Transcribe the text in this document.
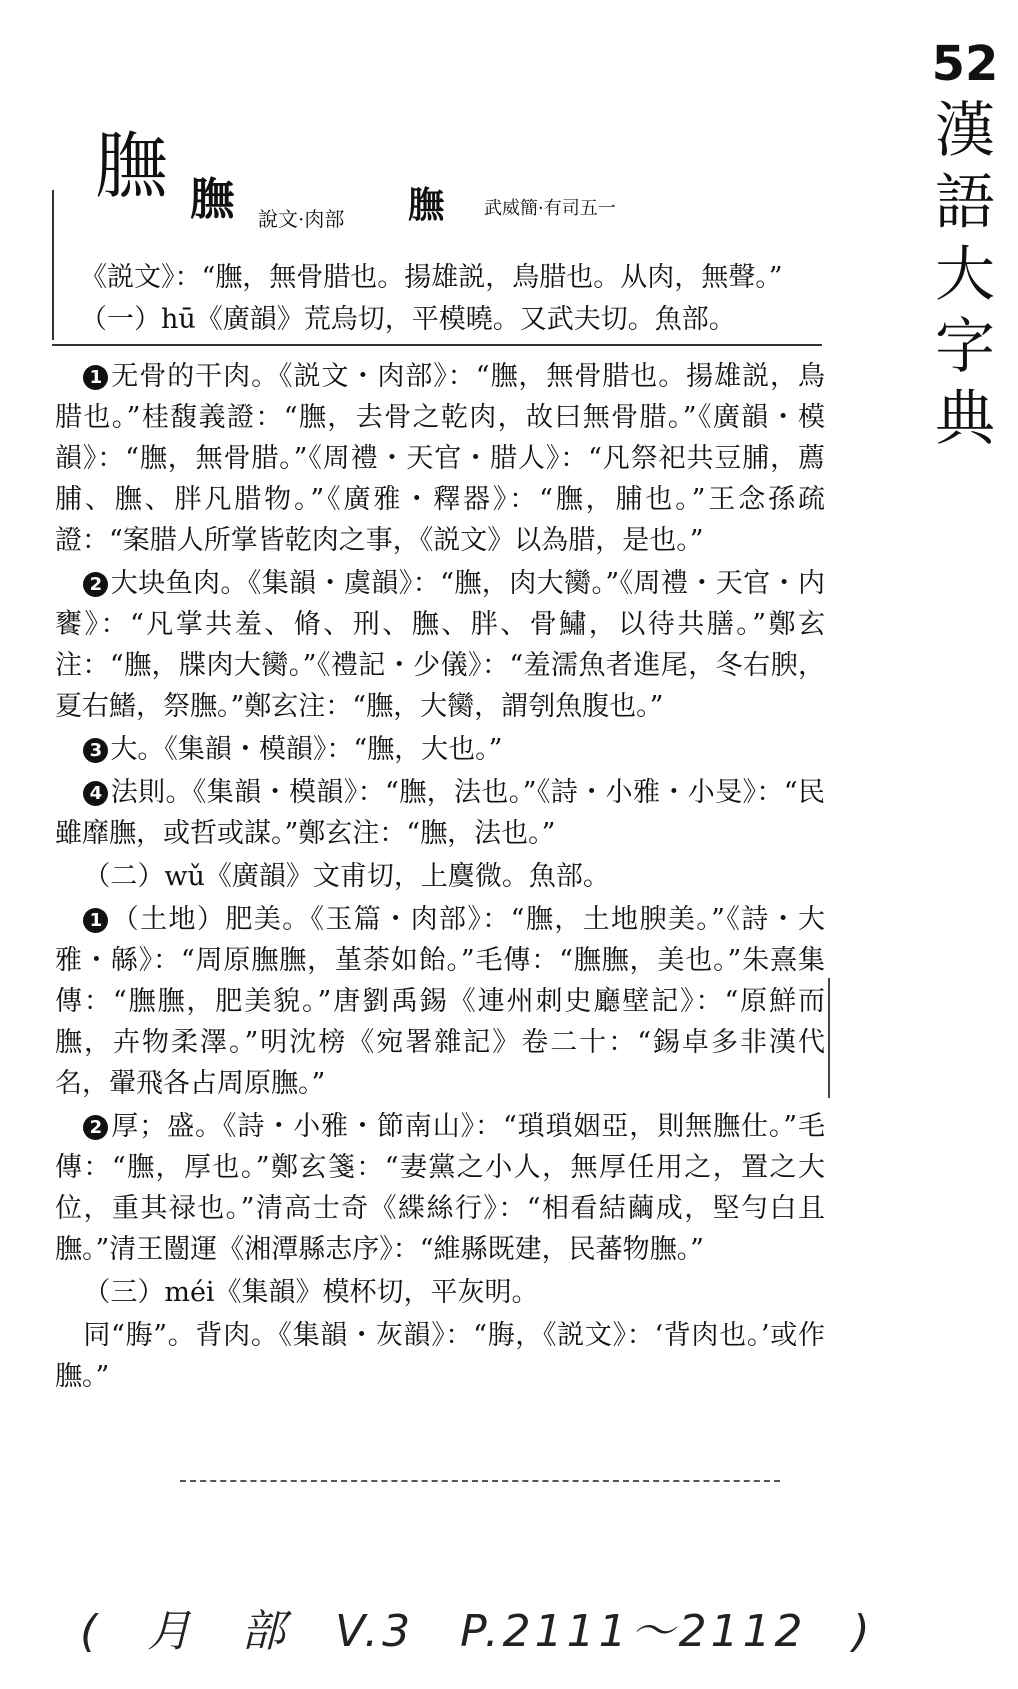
52
漢
語
大
字
典
膴 膴 說文·肉部 膴 武威簡·有司五一
《説文》：“膴，無骨腊也。揚雄説，鳥腊也。从肉，無聲。”
（一）hū《廣韻》荒烏切，平模曉。又武夫切。魚部。

1 无骨的干肉。《説文・肉部》：“膴，無骨腊也。揚雄説，鳥腊也。”桂馥義證：“膴，去骨之乾肉，故曰無骨腊。”《廣韻・模韻》：“膴，無骨腊。”《周禮・天官・腊人》：“凡祭祀共豆脯，薦脯、膴、胖凡腊物。”《廣雅・釋器》：“膴，脯也。”王念孫疏證：“案腊人所掌皆乾肉之事，《説文》以為腊，是也。”

2 大块鱼肉。《集韻・虞韻》：“膴，肉大臠。”《周禮・天官・内饔》：“凡掌共羞、脩、刑、膴、胖、骨鱐，以待共膳。”鄭玄注：“膴，牒肉大臠。”《禮記・少儀》：“羞濡魚者進尾，冬右腴，夏右鰭，祭膴。”鄭玄注：“膴，大臠，謂刳魚腹也。”

3 大。《集韻・模韻》：“膴，大也。”

4 法則。《集韻・模韻》：“膴，法也。”《詩・小雅・小旻》：“民雖靡膴，或哲或謀。”鄭玄注：“膴，法也。”

（二）wǔ《廣韻》文甫切，上麌微。魚部。

1 （土地）肥美。《玉篇・肉部》：“膴，土地腴美。”《詩・大雅・緜》：“周原膴膴，堇荼如飴。”毛傳：“膴膴，美也。”朱熹集傳：“膴膴，肥美貌。”唐劉禹錫《連州刺史廳壁記》：“原鮮而膴，卉物柔澤。”明沈榜《宛署雜記》卷二十：“錫卓多非漢代名，翬飛各占周原膴。”

2 厚；盛。《詩・小雅・節南山》：“瑣瑣姻亞，則無膴仕。”毛傳：“膴，厚也。”鄭玄箋：“妻黨之小人，無厚任用之，置之大位，重其禄也。”清高士奇《緤絲行》：“相看結繭成，堅勻白且膴。”清王闓運《湘潭縣志序》：“維縣既建，民蕃物膴。”

（三）méi《集韻》模杯切，平灰明。

同“脢”。背肉。《集韻・灰韻》：“脢，《説文》：‘背肉也。’或作膴。”

( 月 部 V.3 P.2111～2112 )
